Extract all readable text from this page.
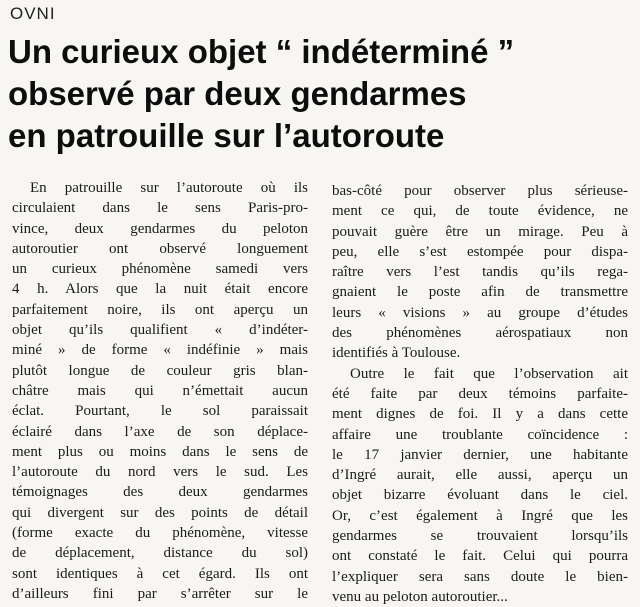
OVNI
Un curieux objet “ indéterminé ”
observé par deux gendarmes
en patrouille sur l’autoroute
En patrouille sur l’autoroute où ils
circulaient dans le sens Paris-pro-
vince, deux gendarmes du peloton
autoroutier ont observé longuement
un curieux phénomène samedi vers
4 h. Alors que la nuit était encore
parfaitement noire, ils ont aperçu un
objet qu’ils qualifient « d’indéter-
miné » de forme « indéfinie » mais
plutôt longue de couleur gris blan-
châtre mais qui n’émettait aucun
éclat. Pourtant, le sol paraissait
éclairé dans l’axe de son déplace-
ment plus ou moins dans le sens de
l’autoroute du nord vers le sud. Les
témoignages des deux gendarmes
qui divergent sur des points de détail
(forme exacte du phénomène, vitesse
de déplacement, distance du sol)
sont identiques à cet égard. Ils ont
d’ailleurs fini par s’arrêter sur le
bas-côté pour observer plus sérieuse-
ment ce qui, de toute évidence, ne
pouvait guère être un mirage. Peu à
peu, elle s’est estompée pour dispa-
raître vers l’est tandis qu’ils rega-
gnaient le poste afin de transmettre
leurs « visions » au groupe d’études
des phénomènes aérospatiaux non
identifiés à Toulouse.
Outre le fait que l’observation ait
été faite par deux témoins parfaite-
ment dignes de foi. Il y a dans cette
affaire une troublante coïncidence :
le 17 janvier dernier, une habitante
d’Ingré aurait, elle aussi, aperçu un
objet bizarre évoluant dans le ciel.
Or, c’est également à Ingré que les
gendarmes se trouvaient lorsqu’ils
ont constaté le fait. Celui qui pourra
l’expliquer sera sans doute le bien-
venu au peloton autoroutier...
